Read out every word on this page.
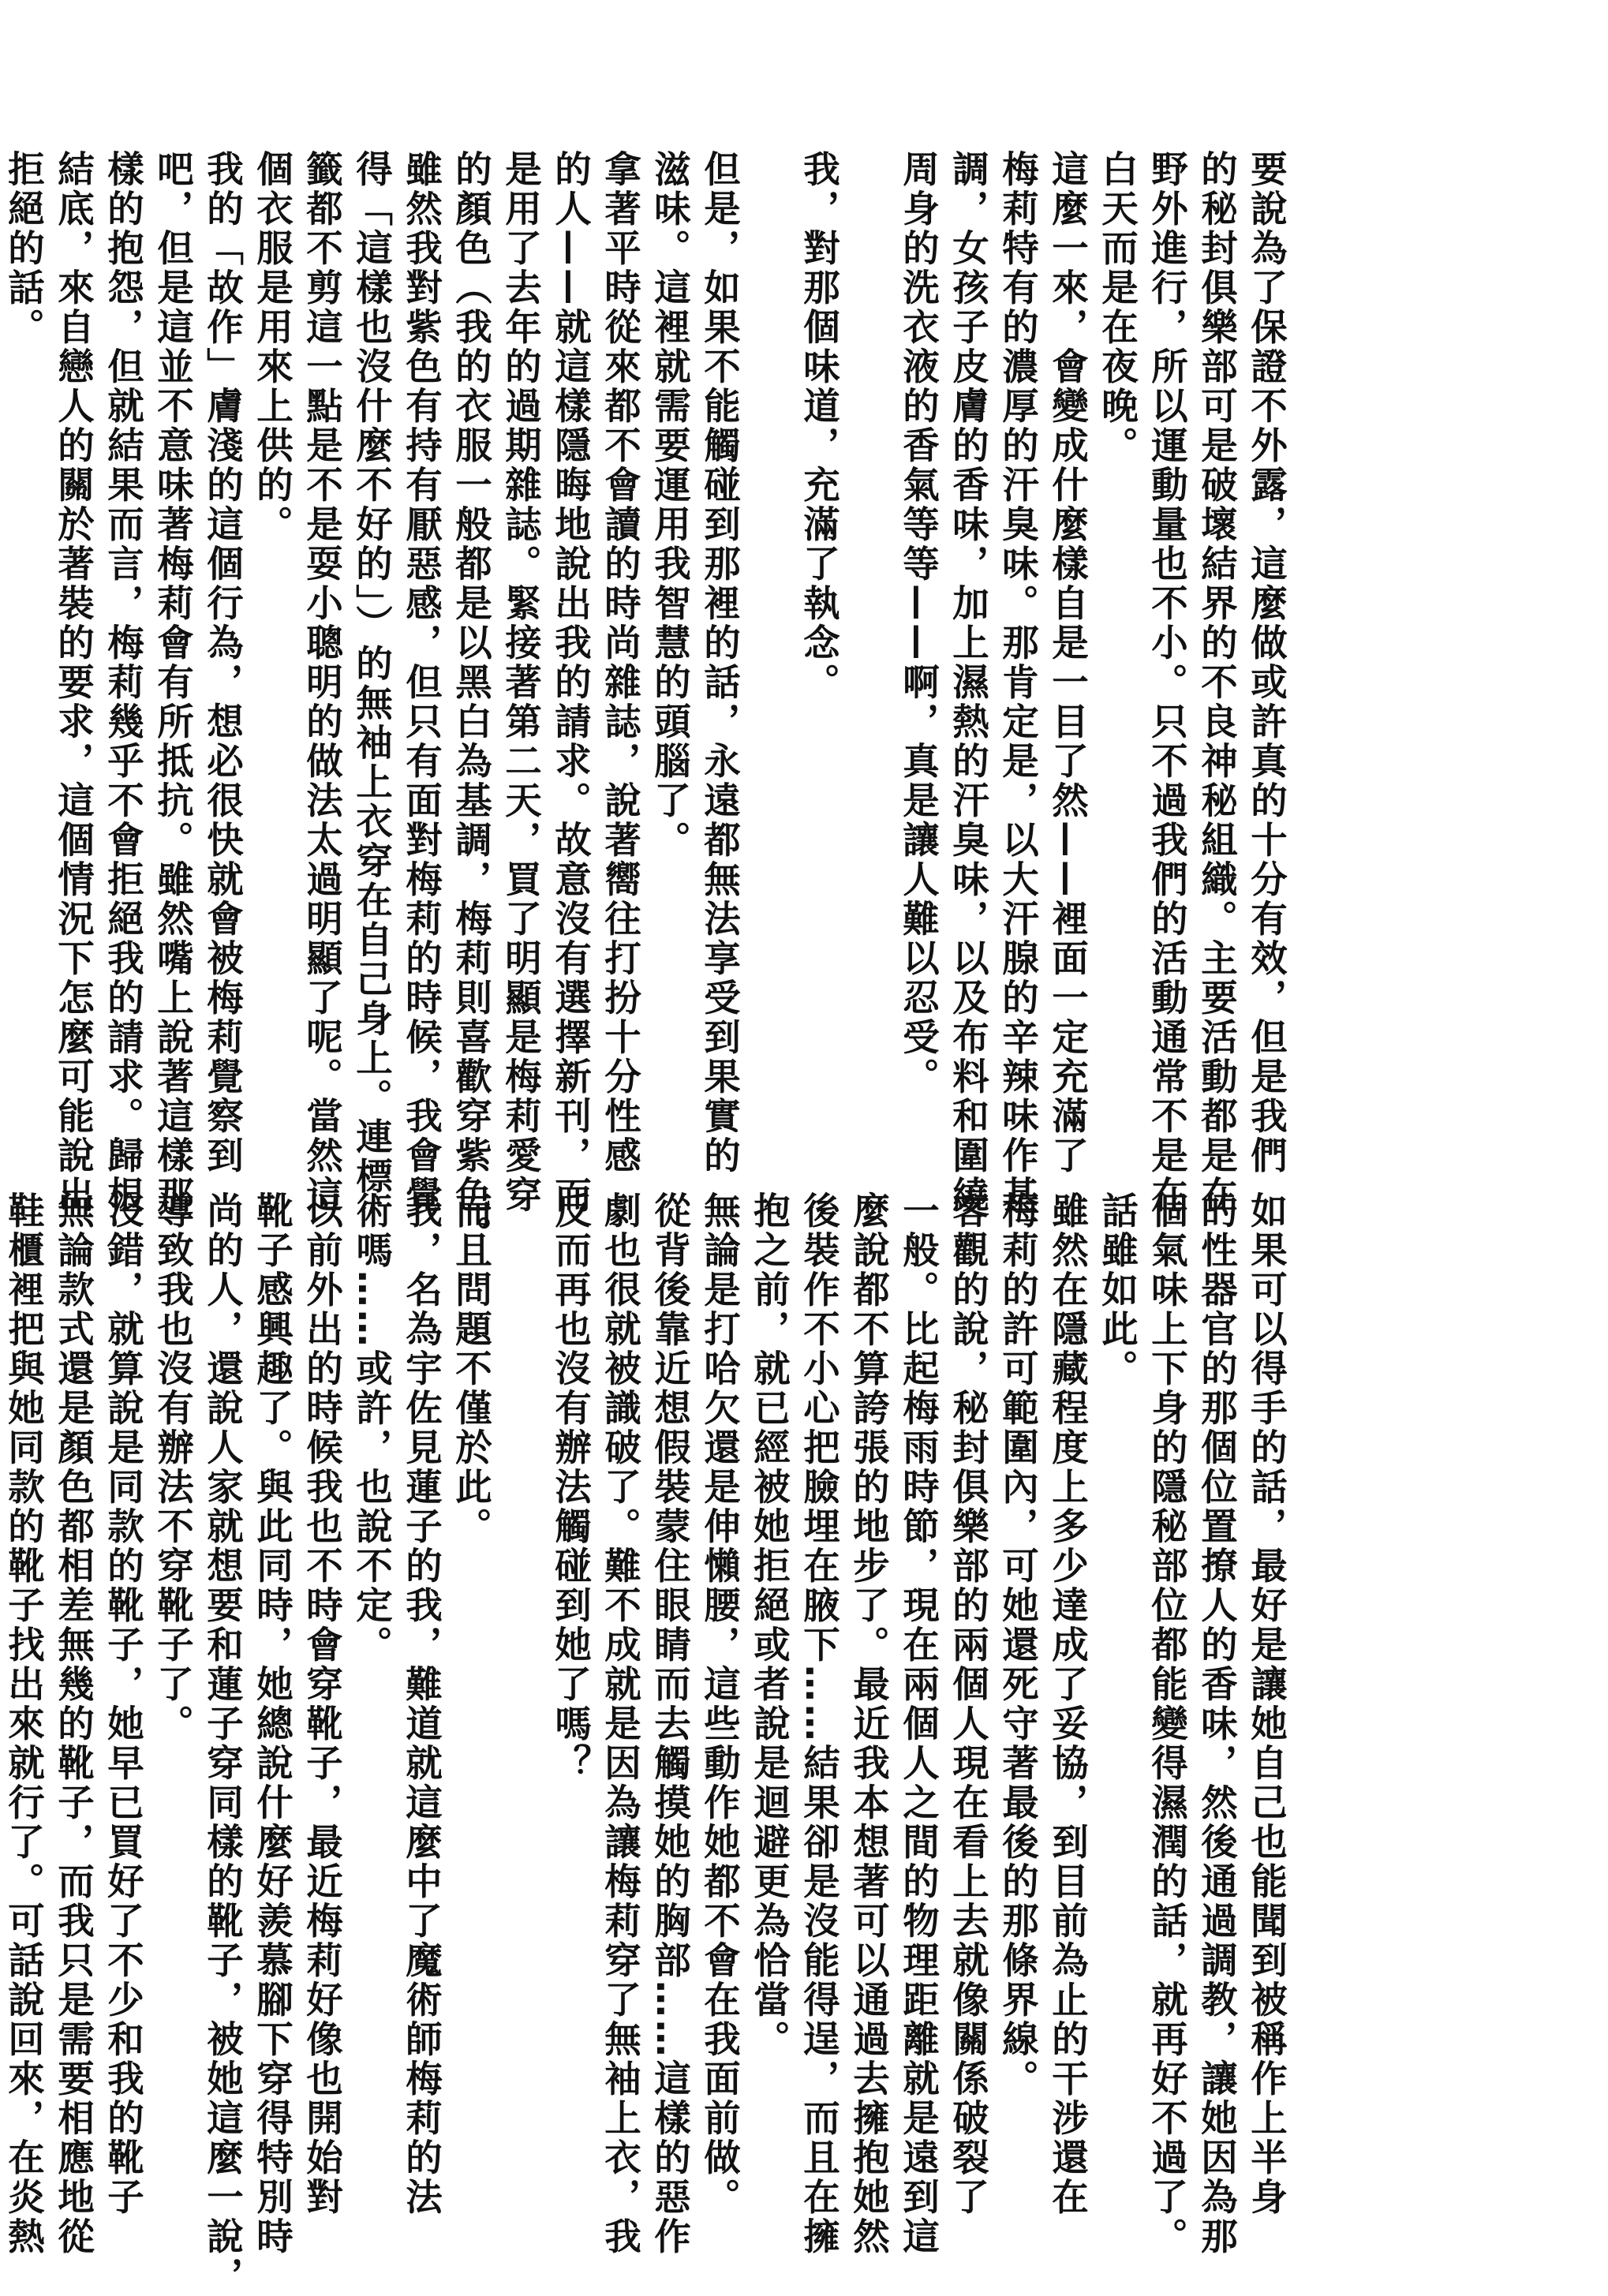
要說為了保證不外露，這麼做或許真的十分有效，但是我們

的秘封俱樂部可是破壞結界的不良神秘組織。主要活動都是在

野外進行，所以運動量也不小。只不過我們的活動通常不是在

白天而是在夜晚。

這麼一來，會變成什麼樣自是一目了然——裡面一定充滿了

梅莉特有的濃厚的汗臭味。那肯定是，以大汗腺的辛辣味作基

調，女孩子皮膚的香味，加上濕熱的汗臭味，以及布料和圍繞

周身的洗衣液的香氣等等——啊，真是讓人難以忍受。

我，對那個味道，充滿了執念。

但是，如果不能觸碰到那裡的話，永遠都無法享受到果實的

滋味。這裡就需要運用我智慧的頭腦了。

拿著平時從來都不會讀的時尚雜誌，說著嚮往打扮十分性感

的人——就這樣隱晦地說出我的請求。故意沒有選擇新刊，而

是用了去年的過期雜誌。緊接著第二天，買了明顯是梅莉愛穿

的顏色（我的衣服一般都是以黑白為基調，梅莉則喜歡穿紫色。

雖然我對紫色有持有厭惡感，但只有面對梅莉的時候，我會覺

得「這樣也沒什麼不好的」）的無袖上衣穿在自己身上。連標

籤都不剪這一點是不是耍小聰明的做法太過明顯了呢。當然這

個衣服是用來上供的。

我的「故作」膚淺的這個行為，想必很快就會被梅莉覺察到

吧，但是這並不意味著梅莉會有所抵抗。雖然嘴上說著這樣那

樣的抱怨，但就結果而言，梅莉幾乎不會拒絕我的請求。歸根

結底，來自戀人的關於著裝的要求，這個情況下怎麼可能說出

拒絕的話。

如果可以得手的話，最好是讓她自己也能聞到被稱作上半身

的性器官的那個位置撩人的香味，然後通過調教，讓她因為那

個氣味上下身的隱秘部位都能變得濕潤的話，就再好不過了。

話雖如此。

雖然在隱藏程度上多少達成了妥協，到目前為止的干涉還在

梅莉的許可範圍內，可她還死守著最後的那條界線。

客觀的說，秘封俱樂部的兩個人現在看上去就像關係破裂了

一般。比起梅雨時節，現在兩個人之間的物理距離就是遠到這

麼說都不算誇張的地步了。最近我本想著可以通過去擁抱她然

後裝作不小心把臉埋在腋下……結果卻是沒能得逞，而且在擁

抱之前，就已經被她拒絕或者說是迴避更為恰當。

無論是打哈欠還是伸懶腰，這些動作她都不會在我面前做。

從背後靠近想假裝蒙住眼睛而去觸摸她的胸部……這樣的惡作

劇也很就被識破了。難不成就是因為讓梅莉穿了無袖上衣，我

反而再也沒有辦法觸碰到她了嗎？

而且問題不僅於此。

我，名為宇佐見蓮子的我，難道就這麼中了魔術師梅莉的法

術嗎……或許，也說不定。

以前外出的時候我也不時會穿靴子，最近梅莉好像也開始對

靴子感興趣了。與此同時，她總說什麼好羨慕腳下穿得特別時

尚的人，還說人家就想要和蓮子穿同樣的靴子，被她這麼一說，

導致我也沒有辦法不穿靴子了。

沒錯，就算說是同款的靴子，她早已買好了不少和我的靴子

無論款式還是顏色都相差無幾的靴子，而我只是需要相應地從

鞋櫃裡把與她同款的靴子找出來就行了。可話說回來，在炎熱
